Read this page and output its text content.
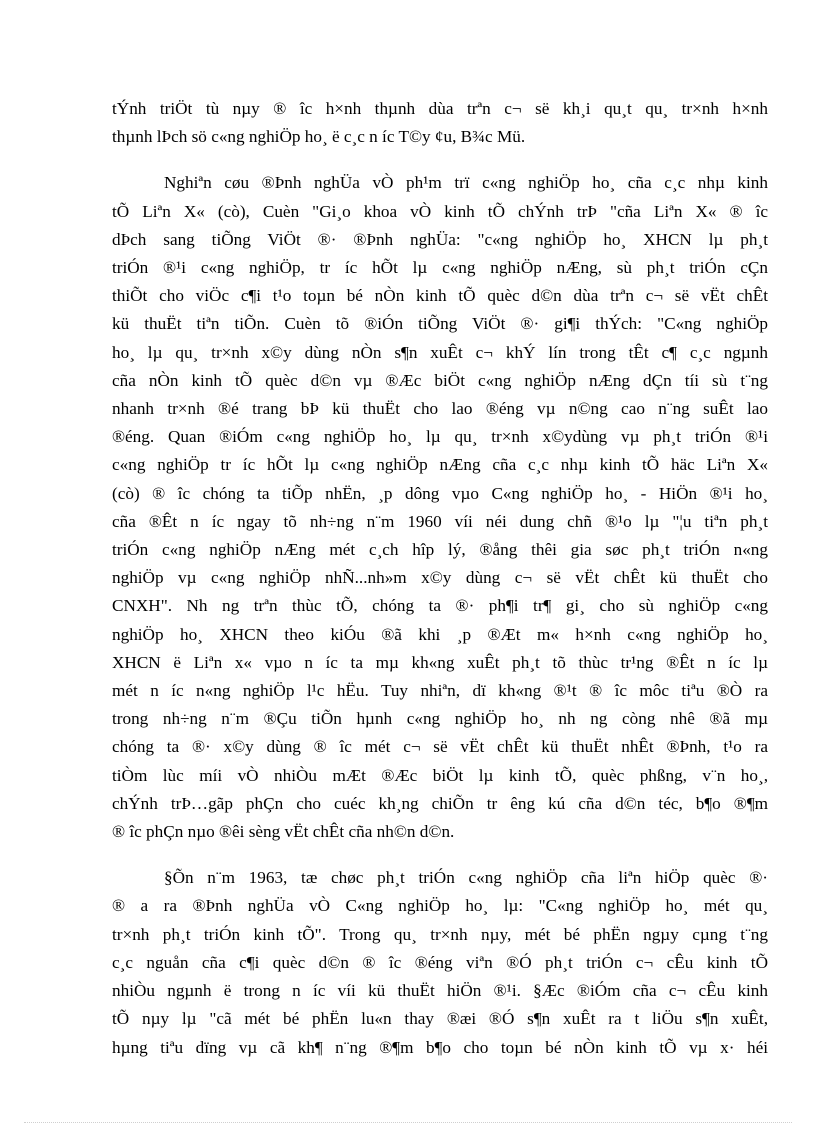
tÝnh triÖt tù nµy ® îc h×nh thµnh dùa trªn c¬ së kh¸i qu¸t qu¸ tr×nh h×nh
thµnh lÞch sö c«ng nghiÖp ho¸ ë c¸c n íc T©y ¢u, B¾c Mü.

Nghiªn cøu ®Þnh nghÜa vÒ ph¹m trï c«ng nghiÖp ho¸ cña c¸c nhµ kinh
tÕ Liªn X« (cò), Cuèn "Gi¸o khoa vÒ kinh tÕ chÝnh trÞ "cña Liªn X« ® îc
dÞch sang tiÕng ViÖt ®· ®Þnh nghÜa: "c«ng nghiÖp ho¸ XHCN lµ ph¸t
triÓn ®¹i c«ng nghiÖp, tr íc hÕt lµ c«ng nghiÖp nÆng, sù ph¸t triÓn cÇn
thiÕt cho viÖc c¶i t¹o toµn bé nÒn kinh tÕ quèc d©n dùa trªn c¬ së vËt chÊt
kü thuËt tiªn tiÕn. Cuèn tõ ®iÓn tiÕng ViÖt ®· gi¶i thÝch: "C«ng nghiÖp
ho¸ lµ qu¸ tr×nh x©y dùng nÒn s¶n xuÊt c¬ khÝ lín trong tÊt c¶ c¸c ngµnh
cña nÒn kinh tÕ quèc d©n vµ ®Æc biÖt c«ng nghiÖp nÆng dÇn tíi sù t¨ng
nhanh tr×nh ®é trang bÞ kü thuËt cho lao ®éng vµ n©ng cao n¨ng suÊt lao
®éng. Quan ®iÓm c«ng nghiÖp ho¸ lµ qu¸ tr×nh x©ydùng vµ ph¸t triÓn ®¹i
c«ng nghiÖp tr íc hÕt lµ c«ng nghiÖp nÆng cña c¸c nhµ kinh tÕ häc Liªn X«
(cò) ® îc chóng ta tiÕp nhËn, ¸p dông vµo C«ng nghiÖp ho¸ - HiÖn ®¹i ho¸
cña ®Êt n íc ngay tõ nh÷ng n¨m 1960 víi néi dung chñ ®¹o lµ "¦u tiªn ph¸t
triÓn c«ng nghiÖp nÆng mét c¸ch hîp lý, ®ång thêi gia søc ph¸t triÓn n«ng
nghiÖp vµ c«ng nghiÖp nhÑ...nh»m x©y dùng c¬ së vËt chÊt kü thuËt cho
CNXH". Nh ng trªn thùc tÕ, chóng ta ®· ph¶i tr¶ gi¸ cho sù nghiÖp c«ng
nghiÖp ho¸ XHCN theo kiÓu ®ã khi ¸p ®Æt m« h×nh c«ng nghiÖp ho¸
XHCN ë Liªn x« vµo n íc ta mµ kh«ng xuÊt ph¸t tõ thùc tr¹ng ®Êt n íc lµ
mét n íc n«ng nghiÖp l¹c hËu. Tuy nhiªn, dï kh«ng ®¹t ® îc môc tiªu ®Ò ra
trong nh÷ng n¨m ®Çu tiÕn hµnh c«ng nghiÖp ho¸ nh ng còng nhê ®ã mµ
chóng ta ®· x©y dùng ® îc mét c¬ së vËt chÊt kü thuËt nhÊt ®Þnh, t¹o ra
tiÒm lùc míi vÒ nhiÒu mÆt ®Æc biÖt lµ kinh tÕ, quèc phßng, v¨n ho¸,
chÝnh trÞ…gãp phÇn cho cuéc kh¸ng chiÕn tr êng kú cña d©n téc, b¶o ®¶m
® îc phÇn nµo ®êi sèng vËt chÊt cña nh©n d©n.

§Õn n¨m 1963, tæ chøc ph¸t triÓn c«ng nghiÖp cña liªn hiÖp quèc ®·
® a ra ®Þnh nghÜa vÒ C«ng nghiÖp ho¸ lµ: "C«ng nghiÖp ho¸ mét qu¸
tr×nh ph¸t triÓn kinh tÕ". Trong qu¸ tr×nh nµy, mét bé phËn ngµy cµng t¨ng
c¸c nguån cña c¶i quèc d©n ® îc ®éng viªn ®Ó ph¸t triÓn c¬ cÊu kinh tÕ
nhiÒu ngµnh ë trong n íc víi kü thuËt hiÖn ®¹i. §Æc ®iÓm cña c¬ cÊu kinh
tÕ nµy lµ "cã mét bé phËn lu«n thay ®æi ®Ó s¶n xuÊt ra t liÖu s¶n xuÊt,
hµng tiªu dïng vµ cã kh¶ n¨ng ®¶m b¶o cho toµn bé nÒn kinh tÕ vµ x· héi
